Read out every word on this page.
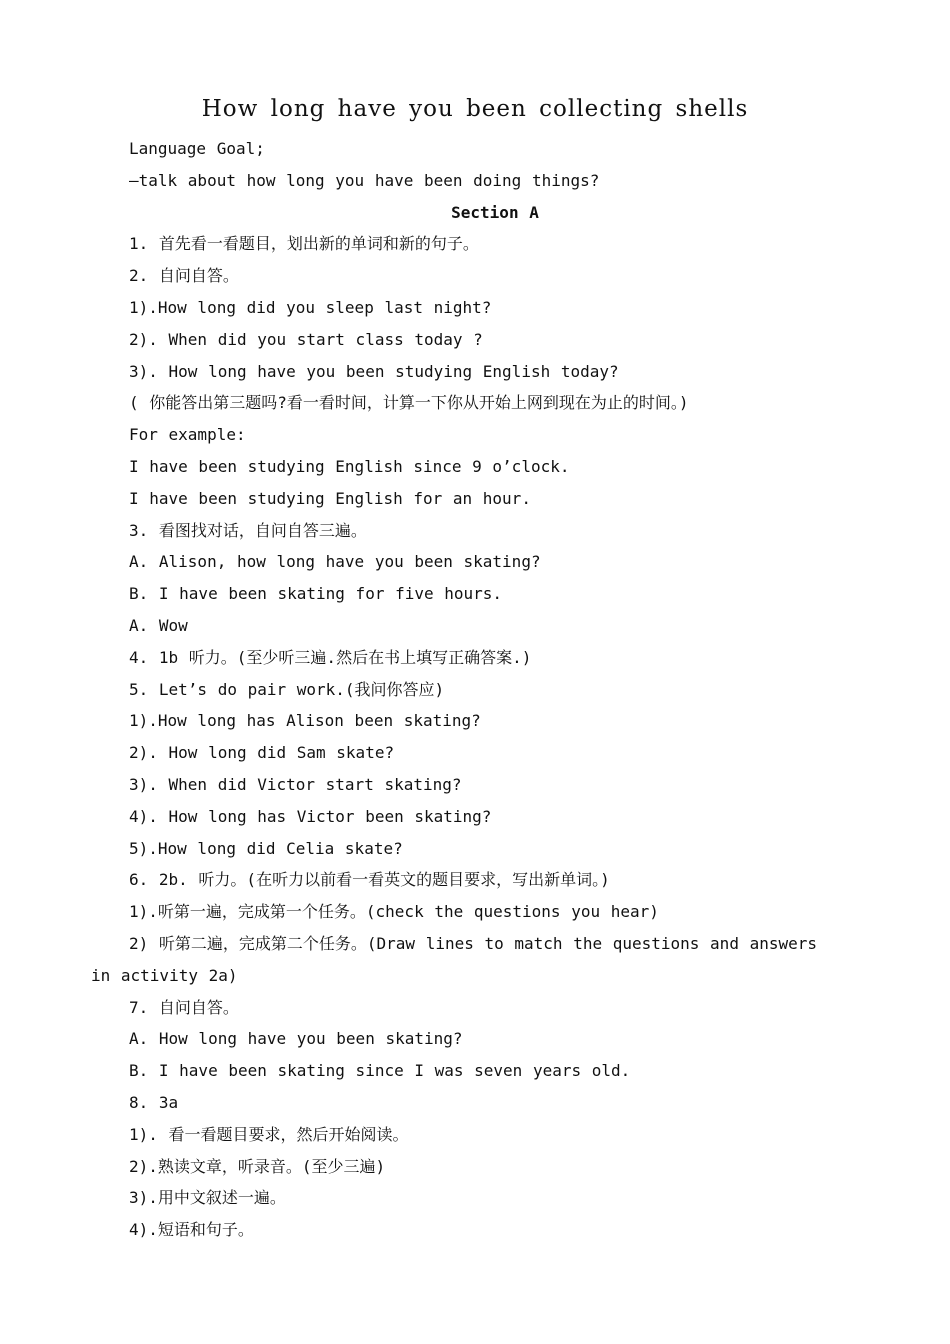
How long have you been collecting shells
Language Goal;
—talk about how long you have been doing things?
Section A
1. 首先看一看题目，划出新的单词和新的句子。
2. 自问自答。
1).How long did you sleep last night?
2). When did you start class today ?
3). How long have you been studying English today?
( 你能答出第三题吗?看一看时间，计算一下你从开始上网到现在为止的时间。)
For example:
I have been studying English since 9 o’clock.
I have been studying English for an hour.
3. 看图找对话，自问自答三遍。
A. Alison, how long have you been skating?
B. I have been skating for five hours.
A. Wow
4. 1b 听力。(至少听三遍.然后在书上填写正确答案.)
5. Let’s do pair work.(我问你答应)
1).How long has Alison been skating?
2). How long did Sam skate?
3). When did Victor start skating?
4). How long has Victor been skating?
5).How long did Celia skate?
6. 2b. 听力。(在听力以前看一看英文的题目要求，写出新单词。)
1).听第一遍，完成第一个任务。(check the questions you hear)
2) 听第二遍，完成第二个任务。(Draw lines to match the questions and answers
in activity 2a)
7. 自问自答。
A. How long have you been skating?
B. I have been skating since I was seven years old.
8. 3a
1). 看一看题目要求，然后开始阅读。
2).熟读文章，听录音。(至少三遍)
3).用中文叙述一遍。
4).短语和句子。
